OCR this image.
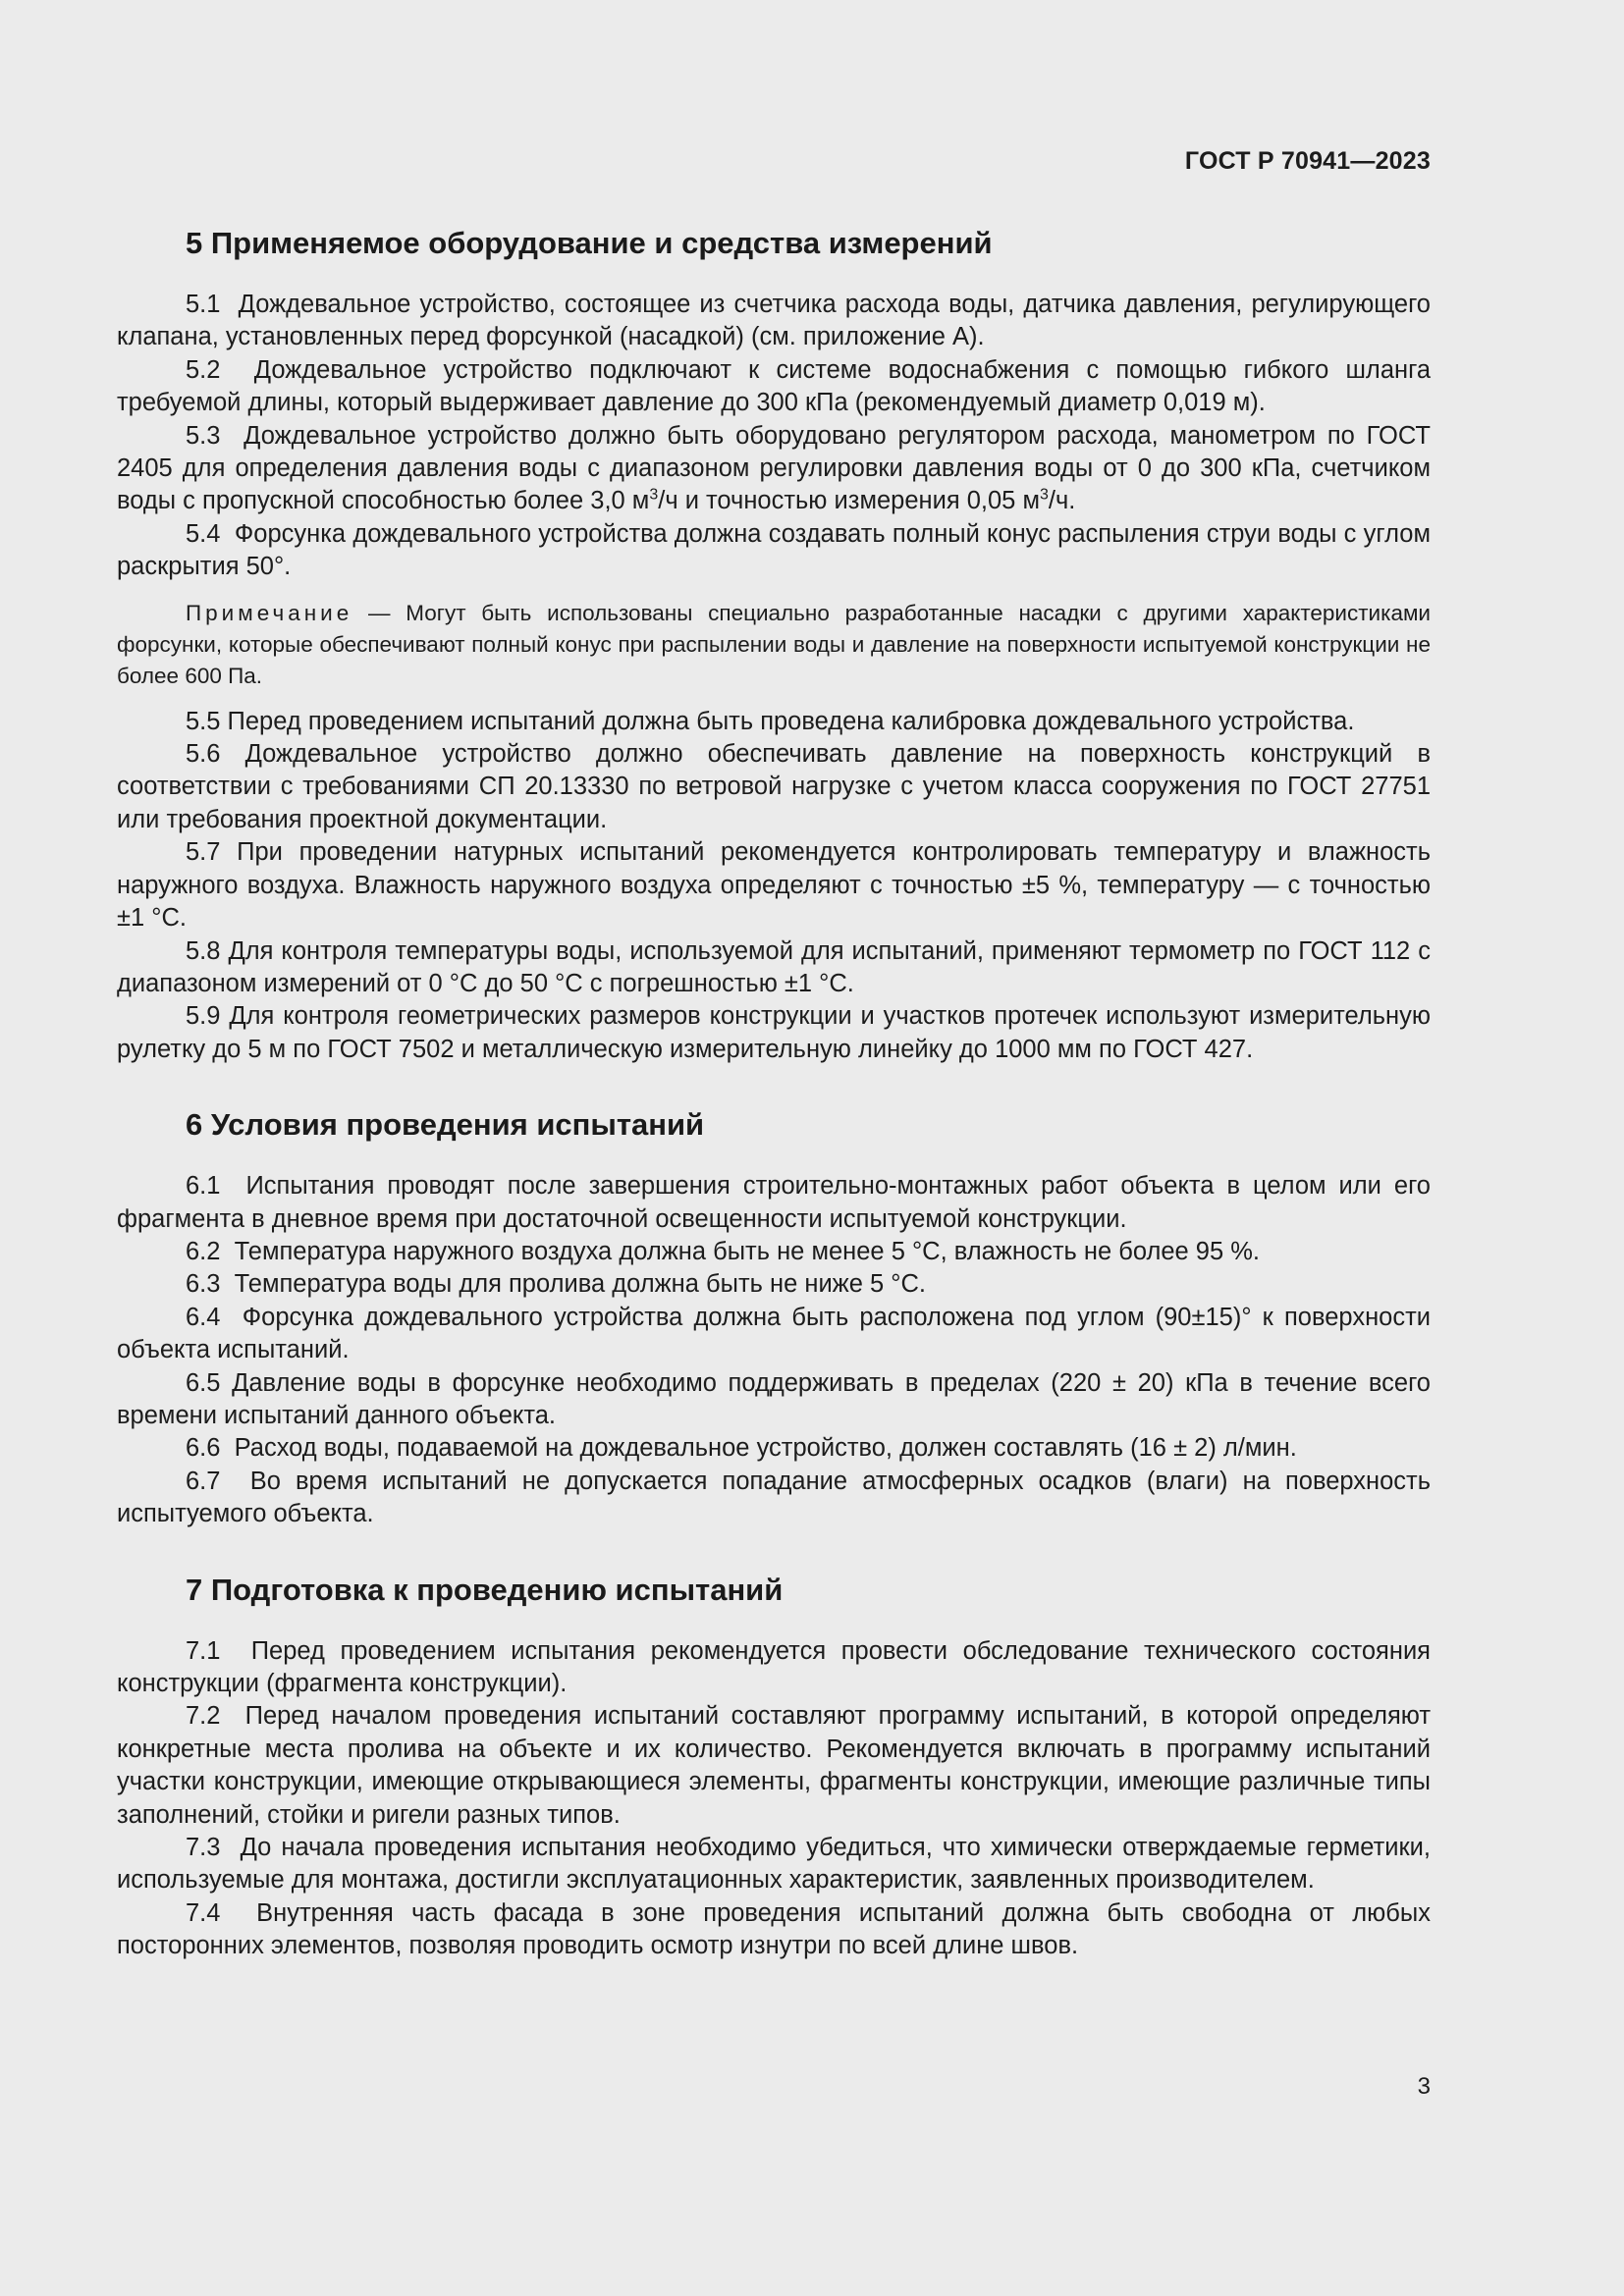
ГОСТ Р 70941—2023
5 Применяемое оборудование и средства измерений

5.1 Дождевальное устройство, состоящее из счетчика расхода воды, датчика давления, регулирующего клапана, установленных перед форсункой (насадкой) (см. приложение А).

5.2 Дождевальное устройство подключают к системе водоснабжения с помощью гибкого шланга требуемой длины, который выдерживает давление до 300 кПа (рекомендуемый диаметр 0,019 м).

5.3 Дождевальное устройство должно быть оборудовано регулятором расхода, манометром по ГОСТ 2405 для определения давления воды с диапазоном регулировки давления воды от 0 до 300 кПа, счетчиком воды с пропускной способностью более 3,0 $м^3/ч$ и точностью измерения 0,05 $м^3/ч$.

5.4 Форсунка дождевального устройства должна создавать полный конус распыления струи воды с углом раскрытия 50°.

Примечание — Могут быть использованы специально разработанные насадки с другими характеристиками форсунки, которые обеспечивают полный конус при распылении воды и давление на поверхности испытуемой конструкции не более 600 Па.

5.5 Перед проведением испытаний должна быть проведена калибровка дождевального устройства.

5.6 Дождевальное устройство должно обеспечивать давление на поверхность конструкций в соответствии с требованиями СП 20.13330 по ветровой нагрузке с учетом класса сооружения по ГОСТ 27751 или требования проектной документации.

5.7 При проведении натурных испытаний рекомендуется контролировать температуру и влажность наружного воздуха. Влажность наружного воздуха определяют с точностью ±5 %, температуру — с точностью ±1 °С.

5.8 Для контроля температуры воды, используемой для испытаний, применяют термометр по ГОСТ 112 с диапазоном измерений от 0 °С до 50 °С с погрешностью ±1 °С.

5.9 Для контроля геометрических размеров конструкции и участков протечек используют измерительную рулетку до 5 м по ГОСТ 7502 и металлическую измерительную линейку до 1000 мм по ГОСТ 427.

6 Условия проведения испытаний

6.1 Испытания проводят после завершения строительно-монтажных работ объекта в целом или его фрагмента в дневное время при достаточной освещенности испытуемой конструкции.

6.2 Температура наружного воздуха должна быть не менее 5 °С, влажность не более 95 %.

6.3 Температура воды для пролива должна быть не ниже 5 °С.

6.4 Форсунка дождевального устройства должна быть расположена под углом (90±15)° к поверхности объекта испытаний.

6.5 Давление воды в форсунке необходимо поддерживать в пределах (220 ± 20) кПа в течение всего времени испытаний данного объекта.

6.6 Расход воды, подаваемой на дождевальное устройство, должен составлять (16 ± 2) л/мин.

6.7 Во время испытаний не допускается попадание атмосферных осадков (влаги) на поверхность испытуемого объекта.

7 Подготовка к проведению испытаний

7.1 Перед проведением испытания рекомендуется провести обследование технического состояния конструкции (фрагмента конструкции).

7.2 Перед началом проведения испытаний составляют программу испытаний, в которой определяют конкретные места пролива на объекте и их количество. Рекомендуется включать в программу испытаний участки конструкции, имеющие открывающиеся элементы, фрагменты конструкции, имеющие различные типы заполнений, стойки и ригели разных типов.

7.3 До начала проведения испытания необходимо убедиться, что химически отверждаемые герметики, используемые для монтажа, достигли эксплуатационных характеристик, заявленных производителем.

7.4 Внутренняя часть фасада в зоне проведения испытаний должна быть свободна от любых посторонних элементов, позволяя проводить осмотр изнутри по всей длине швов.

3
